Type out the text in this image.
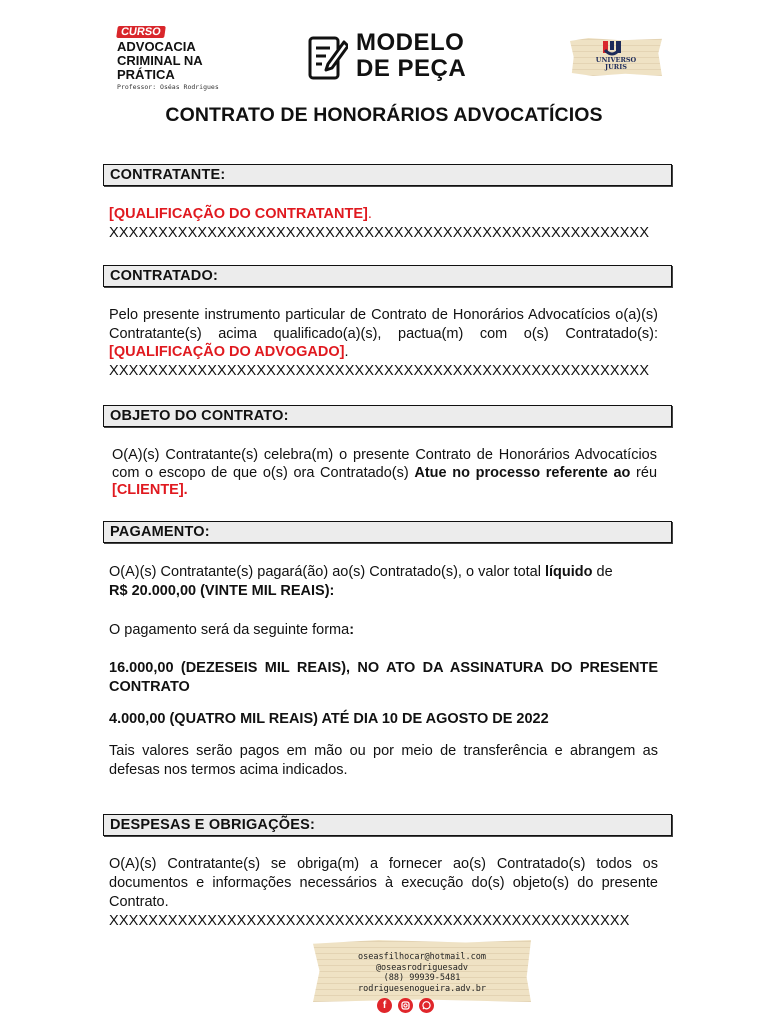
CURSO
ADVOCACIA
CRIMINAL NA
PRÁTICA
Professor: Oséas Rodrigues
MODELO
DE PEÇA	UNIVERSO
JURIS
CONTRATO DE HONORÁRIOS ADVOCATÍCIOS
CONTRATANTE:
[QUALIFICAÇÃO DO CONTRATANTE].
XXXXXXXXXXXXXXXXXXXXXXXXXXXXXXXXXXXXXXXXXXXXXXXXXXXXXXX
CONTRATADO:
Pelo presente instrumento particular de Contrato de Honorários Advocatícios o(a)(s) Contratante(s) acima qualificado(a)(s), pactua(m) com o(s) Contratado(s): [QUALIFICAÇÃO DO ADVOGADO].
XXXXXXXXXXXXXXXXXXXXXXXXXXXXXXXXXXXXXXXXXXXXXXXXXXXXXXX
OBJETO DO CONTRATO:
O(A)(s) Contratante(s) celebra(m) o presente Contrato de Honorários Advocatícios com o escopo de que o(s) ora Contratado(s) Atue no processo referente ao réu [CLIENTE].
PAGAMENTO:
O(A)(s) Contratante(s) pagará(ão) ao(s) Contratado(s), o valor total líquido de
R$ 20.000,00 (VINTE MIL REAIS):
O pagamento será da seguinte forma:
16.000,00 (DEZESEIS MIL REAIS), NO ATO DA ASSINATURA DO PRESENTE CONTRATO
4.000,00 (QUATRO MIL REAIS) ATÉ DIA 10 DE AGOSTO DE 2022
Tais valores serão pagos em mão ou por meio de transferência e abrangem as defesas nos termos acima indicados.
DESPESAS E OBRIGAÇÕES:
O(A)(s) Contratante(s) se obriga(m) a fornecer ao(s) Contratado(s) todos os documentos e informações necessários à execução do(s) objeto(s) do presente Contrato.
XXXXXXXXXXXXXXXXXXXXXXXXXXXXXXXXXXXXXXXXXXXXXXXXXXXXX
oseasfilhocar@hotmail.com
@oseasrodriguesadv
(88) 99939-5481
rodriguesenogueira.adv.br
f
